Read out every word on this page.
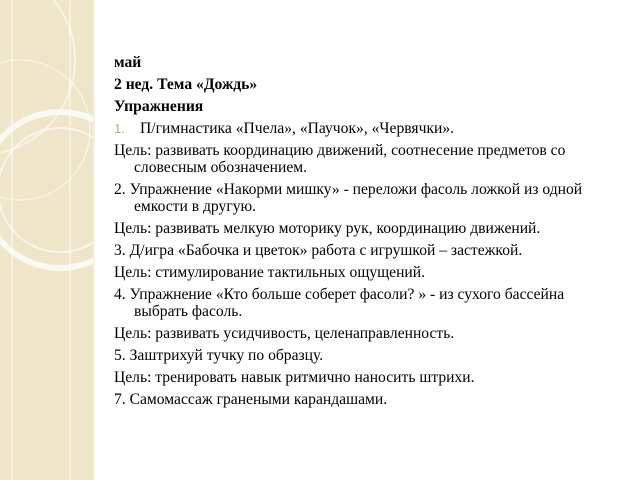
май
2 нед. Тема «Дождь»
Упражнения
1. П/гимнастика «Пчела», «Паучок», «Червячки».
Цель: развивать координацию движений, соотнесение предметов со словесным обозначением.
2. Упражнение «Накорми мишку» - переложи фасоль ложкой из одной емкости в другую.
Цель: развивать мелкую моторику рук, координацию движений.
3. Д/игра «Бабочка и цветок» работа с игрушкой – застежкой.
Цель: стимулирование тактильных ощущений.
4. Упражнение «Кто больше соберет фасоли? » - из сухого бассейна выбрать фасоль.
Цель: развивать усидчивость, целенаправленность.
5. Заштрихуй тучку по образцу.
Цель: тренировать навык ритмично наносить штрихи.
7. Самомассаж гранеными карандашами.
